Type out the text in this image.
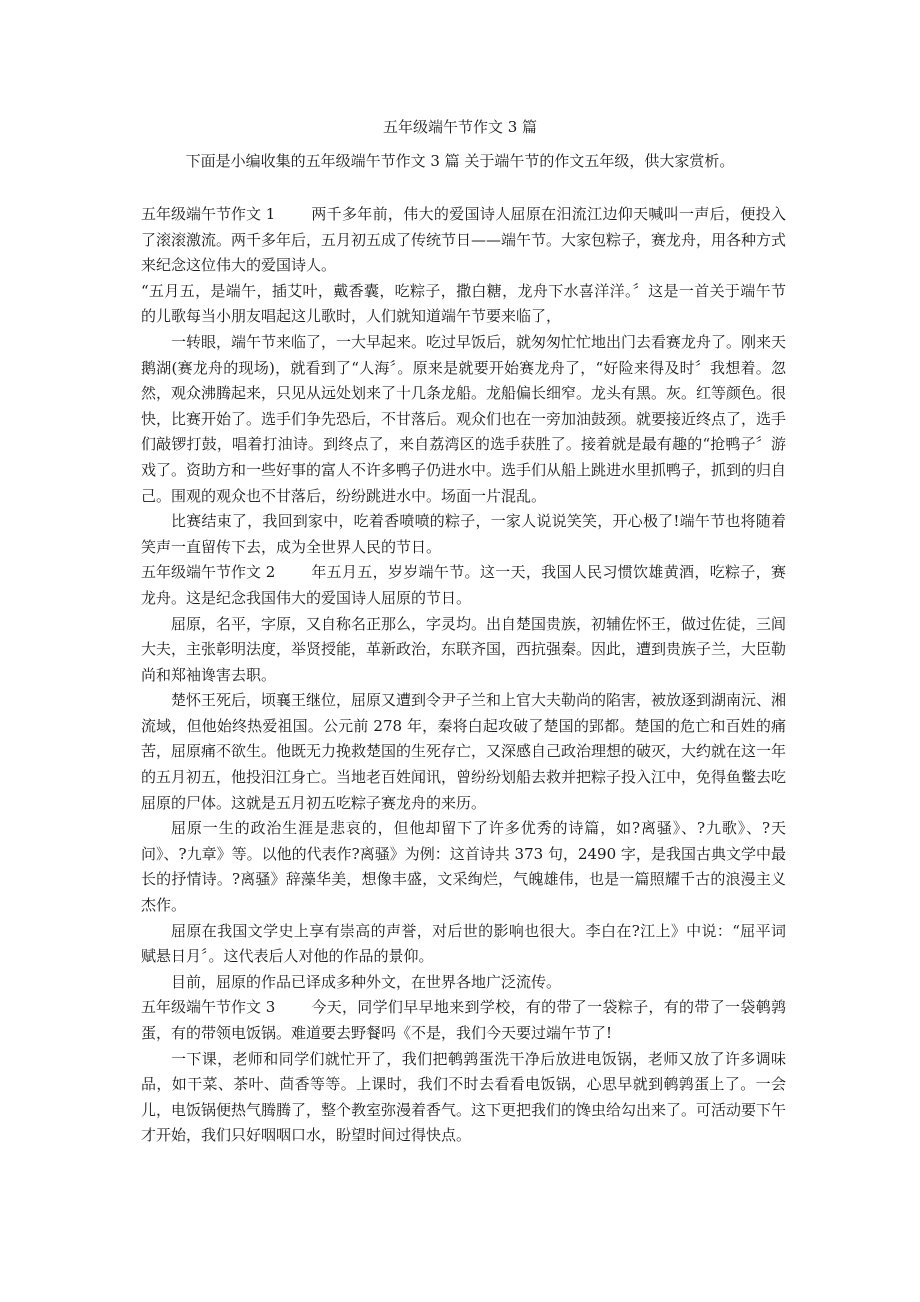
五年级端午节作文 3 篇

下面是小编收集的五年级端午节作文 3 篇 关于端午节的作文五年级，供大家赏析。

五年级端午节作文 1 两千多年前，伟大的爱国诗人屈原在汨流江边仰天喊叫一声后，便投入了滚滚激流。两千多年后，五月初五成了传统节日——端午节。大家包粽子，赛龙舟，用各种方式来纪念这位伟大的爱国诗人。

“五月五，是端午，插艾叶，戴香囊，吃粽子，撒白糖，龙舟下水喜洋洋。〞这是一首关于端午节的儿歌每当小朋友唱起这儿歌时，人们就知道端午节要来临了，

一转眼，端午节来临了，一大早起来。吃过早饭后，就匆匆忙忙地出门去看赛龙舟了。刚来天鹅湖(赛龙舟的现场)，就看到了“人海〞。原来是就要开始赛龙舟了，“好险来得及时〞我想着。忽然，观众沸腾起来，只见从远处划来了十几条龙船。龙船偏长细窄。龙头有黑。灰。红等颜色。很快，比赛开始了。选手们争先恐后，不甘落后。观众们也在一旁加油鼓颈。就要接近终点了，选手们敲锣打鼓，唱着打油诗。到终点了，来自荔湾区的选手获胜了。接着就是最有趣的“抢鸭子〞游戏了。资助方和一些好事的富人不许多鸭子仍进水中。选手们从船上跳进水里抓鸭子，抓到的归自己。围观的观众也不甘落后，纷纷跳进水中。场面一片混乱。

比赛结束了，我回到家中，吃着香喷喷的粽子，一家人说说笑笑，开心极了!端午节也将随着笑声一直留传下去，成为全世界人民的节日。

五年级端午节作文 2 年五月五，岁岁端午节。这一天，我国人民习惯饮雄黄酒，吃粽子，赛龙舟。这是纪念我国伟大的爱国诗人屈原的节日。

屈原，名平，字原，又自称名正那么，字灵均。出自楚国贵族，初辅佐怀王，做过佐徒，三闾大夫，主张彰明法度，举贤授能，革新政治，东联齐国，西抗强秦。因此，遭到贵族子兰，大臣勒尚和郑袖谗害去职。

楚怀王死后，顷襄王继位，屈原又遭到令尹子兰和上官大夫勒尚的陷害，被放逐到湖南沅、湘流域，但他始终热爱祖国。公元前 278 年，秦将白起攻破了楚国的郢都。楚国的危亡和百姓的痛苦，屈原痛不欲生。他既无力挽救楚国的生死存亡，又深感自己政治理想的破灭，大约就在这一年的五月初五，他投汨江身亡。当地老百姓闻讯，曾纷纷划船去救并把粽子投入江中，免得鱼鳖去吃屈原的尸体。这就是五月初五吃粽子赛龙舟的来历。

屈原一生的政治生涯是悲哀的，但他却留下了许多优秀的诗篇，如?离骚》、?九歌》、?天问》、?九章》等。以他的代表作?离骚》为例：这首诗共 373 句，2490 字，是我国古典文学中最长的抒情诗。?离骚》辞藻华美，想像丰盛，文采绚烂，气魄雄伟，也是一篇照耀千古的浪漫主义杰作。

屈原在我国文学史上享有崇高的声誉，对后世的影响也很大。李白在?江上》中说：“屈平词赋悬日月〞。这代表后人对他的作品的景仰。

目前，屈原的作品已译成多种外文，在世界各地广泛流传。

五年级端午节作文 3 今天，同学们早早地来到学校，有的带了一袋粽子，有的带了一袋鹌鹑蛋，有的带领电饭锅。难道要去野餐吗《不是，我们今天要过端午节了!

一下课，老师和同学们就忙开了，我们把鹌鹑蛋洗干净后放进电饭锅，老师又放了许多调味品，如干菜、茶叶、茴香等等。上课时，我们不时去看看电饭锅，心思早就到鹌鹑蛋上了。一会儿，电饭锅便热气腾腾了，整个教室弥漫着香气。这下更把我们的馋虫给勾出来了。可活动要下午才开始，我们只好咽咽口水，盼望时间过得快点。
